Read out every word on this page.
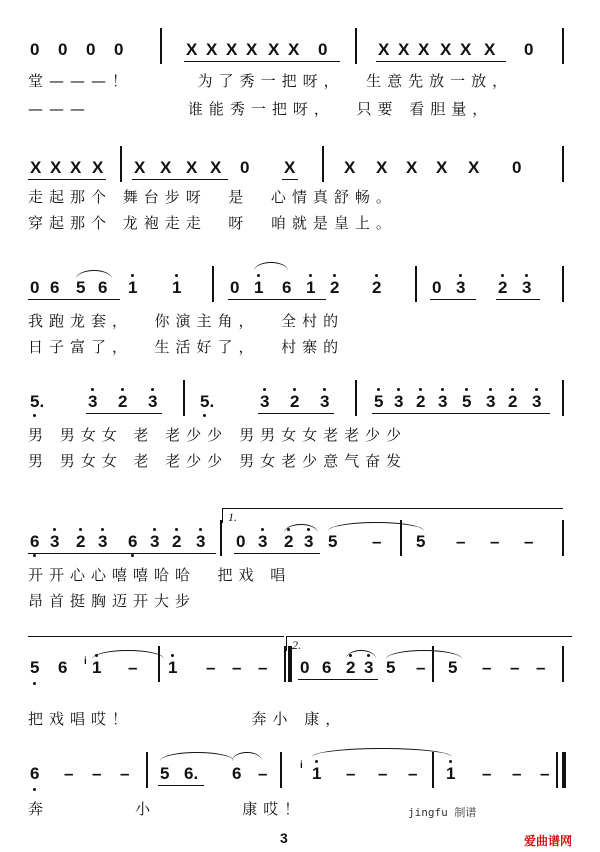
0 0 0 0	X X X X X X 0	X X X X X X 0
堂———！      为了秀一把呀，  生意先放一放，
———         谁能秀一把呀，  只要 看胆量，
X X X X X X X X 0 X	X X X X X 0
走起那个 舞台步呀  是  心情真舒畅。
穿起那个 龙袍走走  呀  咱就是皇上。
0 6 5 6 1 1	0 1 6 1 2 2	0 3 2 3
我跑龙套，  你演主角，  全村的
日子富了，  生活好了，  村寨的
5.	3 2 3	5.	3 2 3	5 3 2 3 5 3 2 3
男 男女女 老 老少少 男男女女老老少少
男 男女女 老 老少少 男女老少意气奋发
6 3 2 3 6 3 2 3 0 3 2 3 5 – 5 – – –
开开心心嘻嘻哈哈  把戏 唱
昂首挺胸迈开大步
5 6 1 – 1 – – – 0 6 2 3 5 – 5 – – –
把戏唱哎！           奔小 康，
6 – – – 5 6. 6 –	1 – – – 1 – – –
奔        小        康哎！
1.
2.
i
i
jingfu 制谱
3	爱曲谱网
